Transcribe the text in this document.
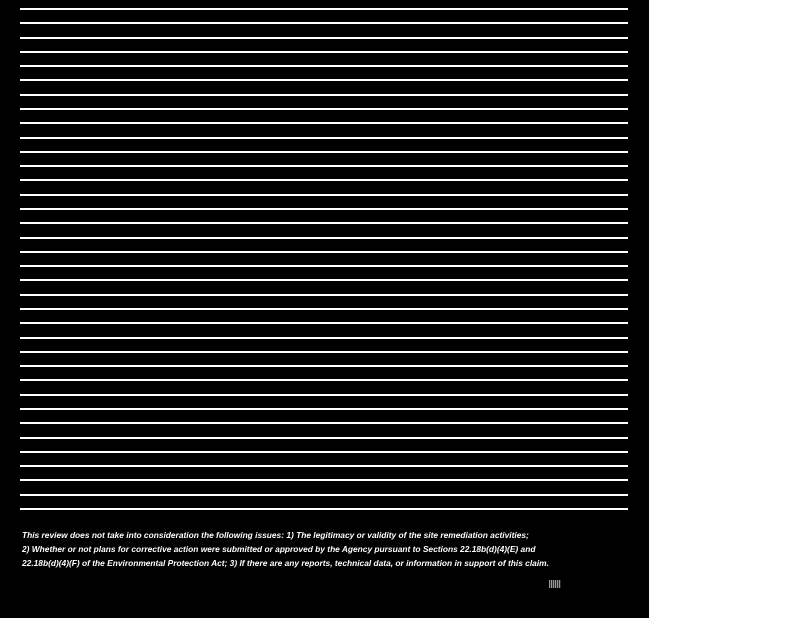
This review does not take into consideration the following issues: 1) The legitimacy or validity of the site remediation activities;
2) Whether or not plans for corrective action were submitted or approved by the Agency pursuant to Sections 22.18b(d)(4)(E) and
22.18b(d)(4)(F) of the Environmental Protection Act; 3) If there are any reports, technical data, or information in support of this claim.
